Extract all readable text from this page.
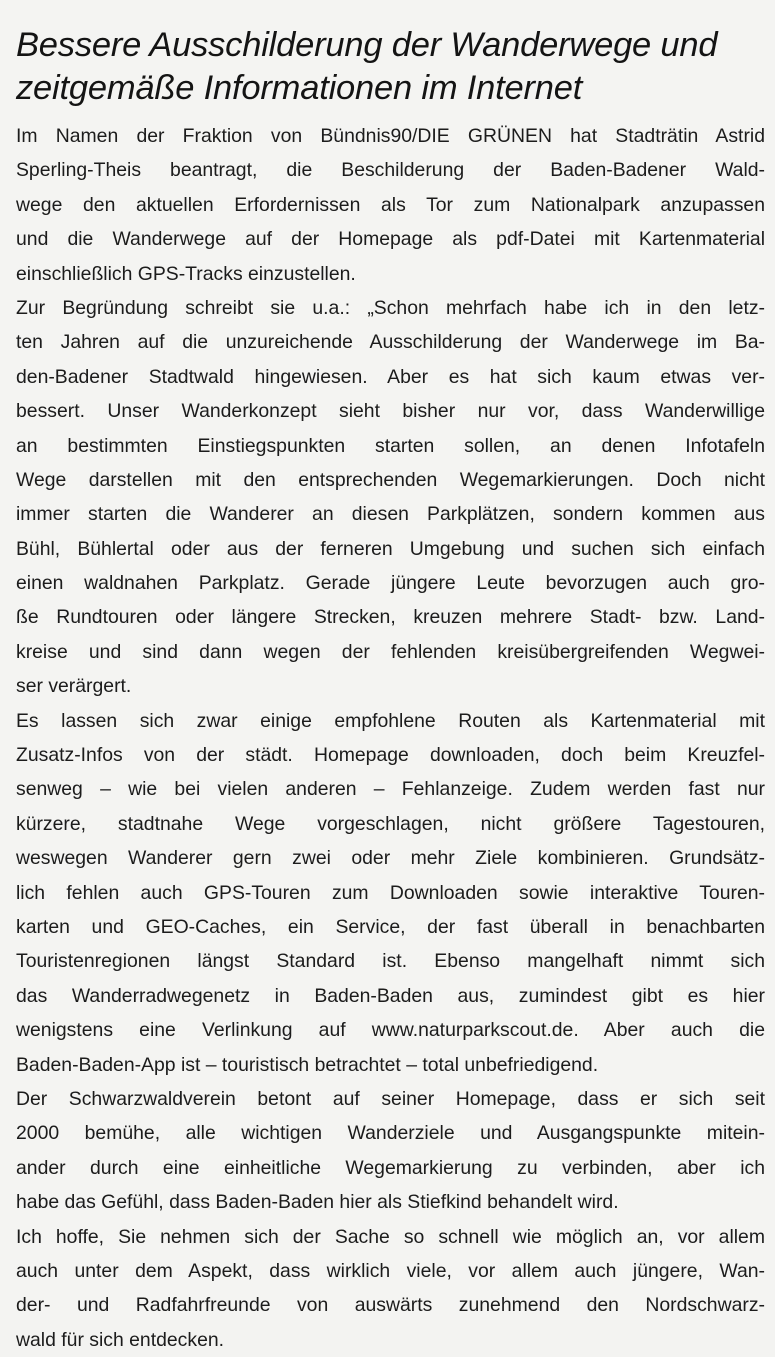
Bessere Ausschilderung der Wanderwege und
zeitgemäße Informationen im Internet
Im Namen der Fraktion von Bündnis90/DIE GRÜNEN hat Stadträtin Astrid
Sperling-Theis beantragt, die Beschilderung der Baden-Badener Wald-
wege den aktuellen Erfordernissen als Tor zum Nationalpark anzupassen
und die Wanderwege auf der Homepage als pdf-Datei mit Kartenmaterial
einschließlich GPS-Tracks einzustellen.
Zur Begründung schreibt sie u.a.: „Schon mehrfach habe ich in den letz-
ten Jahren auf die unzureichende Ausschilderung der Wanderwege im Ba-
den-Badener Stadtwald hingewiesen. Aber es hat sich kaum etwas ver-
bessert. Unser Wanderkonzept sieht bisher nur vor, dass Wanderwillige
an bestimmten Einstiegspunkten starten sollen, an denen Infotafeln
Wege darstellen mit den entsprechenden Wegemarkierungen. Doch nicht
immer starten die Wanderer an diesen Parkplätzen, sondern kommen aus
Bühl, Bühlertal oder aus der ferneren Umgebung und suchen sich einfach
einen waldnahen Parkplatz. Gerade jüngere Leute bevorzugen auch gro-
ße Rundtouren oder längere Strecken, kreuzen mehrere Stadt- bzw. Land-
kreise und sind dann wegen der fehlenden kreisübergreifenden Wegwei-
ser verärgert.
Es lassen sich zwar einige empfohlene Routen als Kartenmaterial mit
Zusatz-Infos von der städt. Homepage downloaden, doch beim Kreuzfel-
senweg – wie bei vielen anderen – Fehlanzeige. Zudem werden fast nur
kürzere, stadtnahe Wege vorgeschlagen, nicht größere Tagestouren,
weswegen Wanderer gern zwei oder mehr Ziele kombinieren. Grundsätz-
lich fehlen auch GPS-Touren zum Downloaden sowie interaktive Touren-
karten und GEO-Caches, ein Service, der fast überall in benachbarten
Touristenregionen längst Standard ist. Ebenso mangelhaft nimmt sich
das Wanderradwegenetz in Baden-Baden aus, zumindest gibt es hier
wenigstens eine Verlinkung auf www.naturparkscout.de. Aber auch die
Baden-Baden-App ist – touristisch betrachtet – total unbefriedigend.
Der Schwarzwaldverein betont auf seiner Homepage, dass er sich seit
2000 bemühe, alle wichtigen Wanderziele und Ausgangspunkte mitein-
ander durch eine einheitliche Wegemarkierung zu verbinden, aber ich
habe das Gefühl, dass Baden-Baden hier als Stiefkind behandelt wird.
Ich hoffe, Sie nehmen sich der Sache so schnell wie möglich an, vor allem
auch unter dem Aspekt, dass wirklich viele, vor allem auch jüngere, Wan-
der- und Radfahrfreunde von auswärts zunehmend den Nordschwarz-
wald für sich entdecken.
